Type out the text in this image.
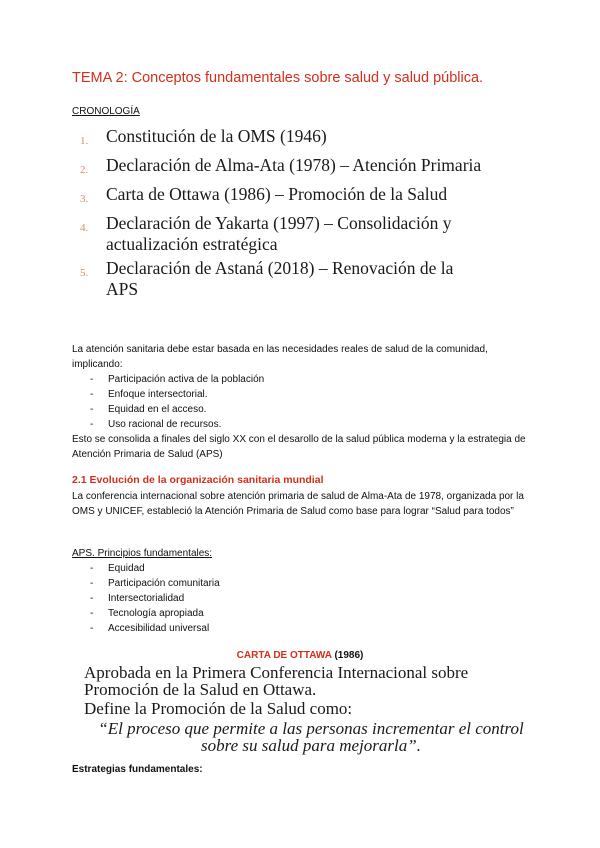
TEMA 2: Conceptos fundamentales sobre salud y salud pública.
CRONOLOGÍA
1.	Constitución de la OMS (1946)
2.	Declaración de Alma-Ata (1978) – Atención Primaria
3.	Carta de Ottawa (1986) – Promoción de la Salud
4.	Declaración de Yakarta (1997) – Consolidación y actualización estratégica
5.	Declaración de Astaná (2018) – Renovación de la APS
La atención sanitaria debe estar basada en las necesidades reales de salud de la comunidad, implicando:
- Participación activa de la población
- Enfoque intersectorial.
- Equidad en el acceso.
- Uso racional de recursos.
Esto se consolida a finales del siglo XX con el desarollo de la salud pública moderna y la estrategia de Atención Primaria de Salud (APS)
2.1 Evolución de la organización sanitaria mundial
La conferencia internacional sobre atención primaria de salud de Alma-Ata de 1978, organizada por la OMS y UNICEF, estableció la Atención Primaria de Salud como base para lograr “Salud para todos”
APS. Principios fundamentales:
- Equidad
- Participación comunitaria
- Intersectorialidad
- Tecnología apropiada
- Accesibilidad universal
CARTA DE OTTAWA (1986)
Aprobada en la Primera Conferencia Internacional sobre Promoción de la Salud en Ottawa.
Define la Promoción de la Salud como:
“El proceso que permite a las personas incrementar el control sobre su salud para mejorarla”.
Estrategias fundamentales:
